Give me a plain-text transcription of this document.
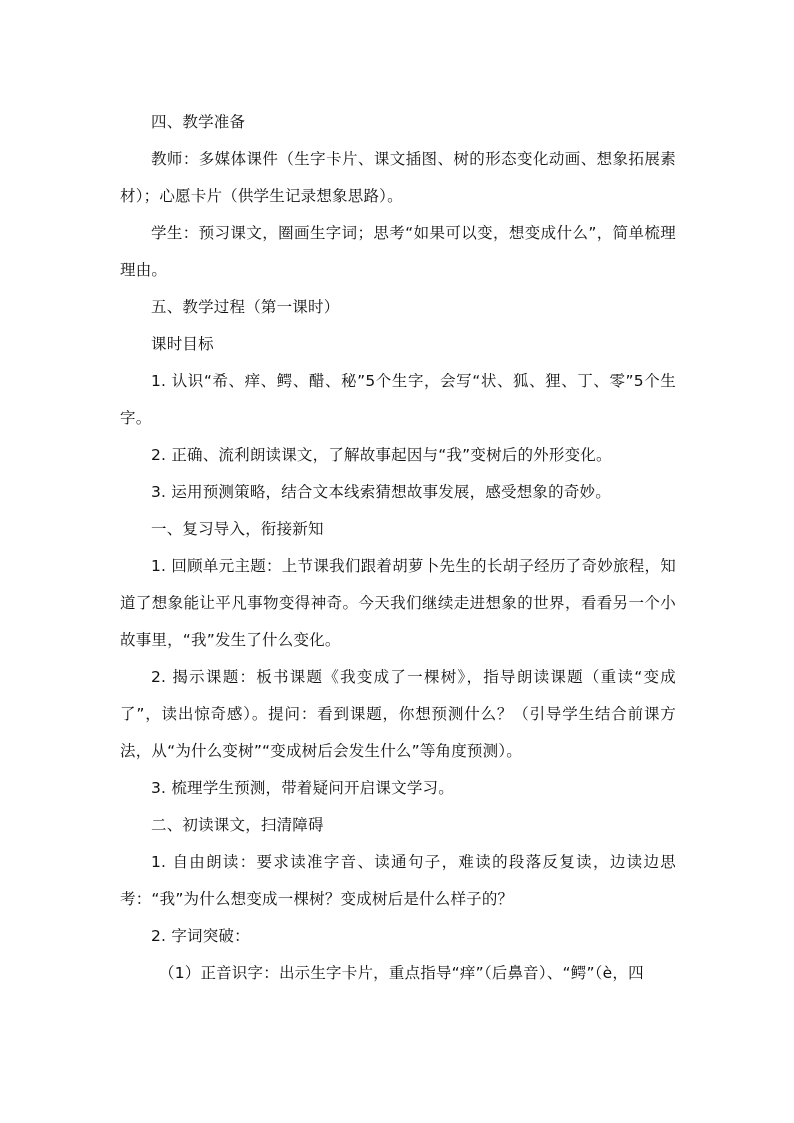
四、教学准备

教师：多媒体课件（生字卡片、课文插图、树的形态变化动画、想象拓展素材）；心愿卡片（供学生记录想象思路）。

学生：预习课文，圈画生字词；思考“如果可以变，想变成什么”，简单梳理理由。

五、教学过程（第一课时）

课时目标

1. 认识“希、痒、鳄、醋、秘”5个生字，会写“状、狐、狸、丁、零”5个生字。

2. 正确、流利朗读课文，了解故事起因与“我”变树后的外形变化。

3. 运用预测策略，结合文本线索猜想故事发展，感受想象的奇妙。

一、复习导入，衔接新知

1. 回顾单元主题：上节课我们跟着胡萝卜先生的长胡子经历了奇妙旅程，知道了想象能让平凡事物变得神奇。今天我们继续走进想象的世界，看看另一个小故事里，“我”发生了什么变化。

2. 揭示课题：板书课题《我变成了一棵树》，指导朗读课题（重读“变成了”，读出惊奇感）。提问：看到课题，你想预测什么？（引导学生结合前课方法，从“为什么变树”“变成树后会发生什么”等角度预测）。

3. 梳理学生预测，带着疑问开启课文学习。

二、初读课文，扫清障碍

1. 自由朗读：要求读准字音、读通句子，难读的段落反复读，边读边思考：“我”为什么想变成一棵树？变成树后是什么样子的？

2. 字词突破：

（1）正音识字：出示生字卡片，重点指导“痒”（后鼻音）、“鳄”（è，四
